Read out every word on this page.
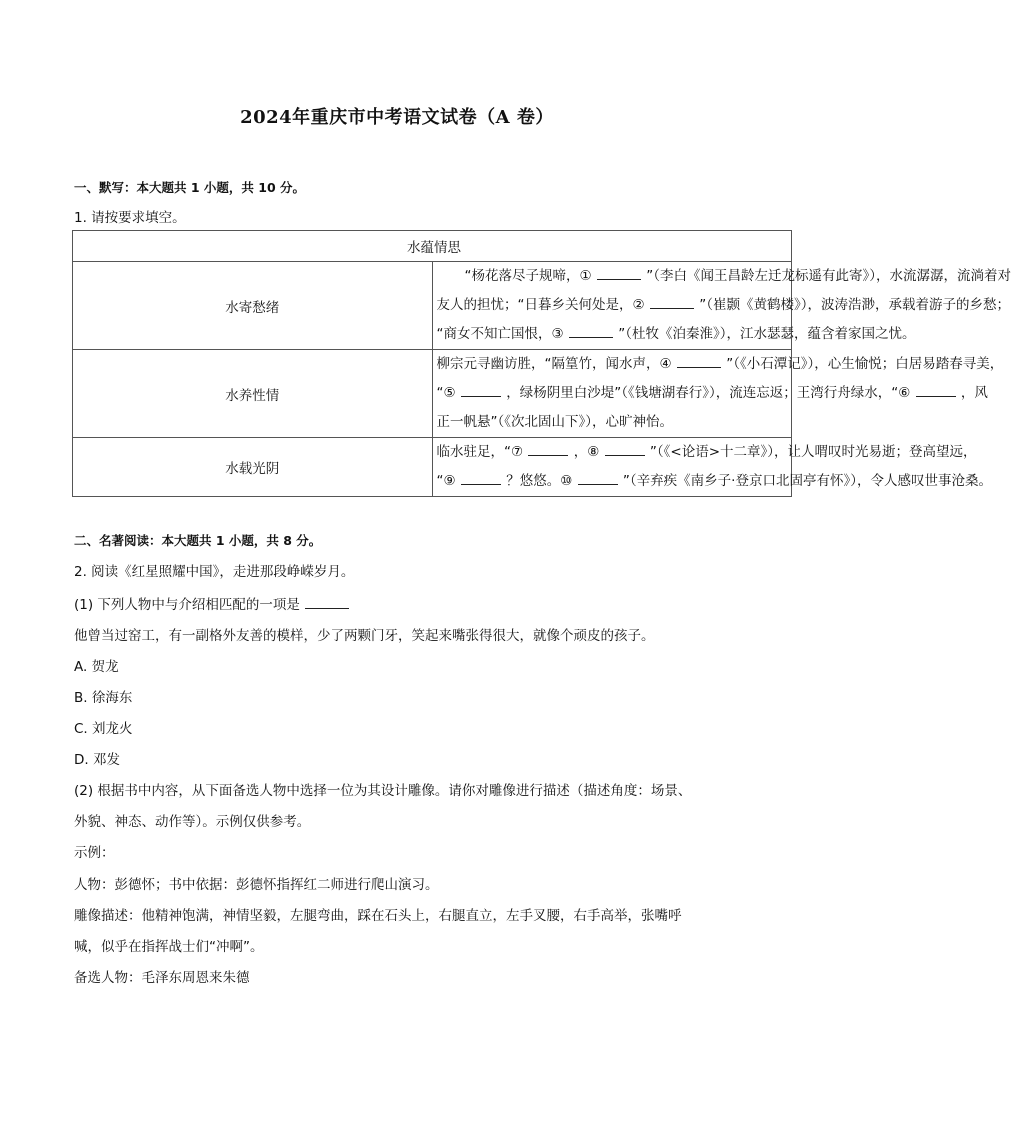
2024年重庆市中考语文试卷（A 卷）
一、默写：本大题共 1 小题，共 10 分。
1. 请按要求填空。
水蕴情思	
水寄愁绪	“杨花落尽子规啼，① ”（李白《闻王昌龄左迁龙标遥有此寄》），水流潺潺，流淌着对
友人的担忧；“日暮乡关何处是，② ”（崔颢《黄鹤楼》），波涛浩渺，承载着游子的乡愁；
“商女不知亡国恨，③ ”（杜牧《泊秦淮》），江水瑟瑟，蕴含着家国之忧。

水养性情	柳宗元寻幽访胜，“隔篁竹，闻水声，④ ”（《小石潭记》），心生愉悦；白居易踏春寻美，
“⑤ ，绿杨阴里白沙堤”（《钱塘湖春行》），流连忘返；王湾行舟绿水，“⑥ ，风
正一帆悬”（《次北固山下》），心旷神怡。

水载光阴	临水驻足，“⑦ ，⑧ ”（《<论语>十二章》），让人喟叹时光易逝；登高望远，
“⑨ ？悠悠。⑩ ”（辛弃疾《南乡子·登京口北固亭有怀》），令人感叹世事沧桑。
二、名著阅读：本大题共 1 小题，共 8 分。
2. 阅读《红星照耀中国》，走进那段峥嵘岁月。
(1) 下列人物中与介绍相匹配的一项是
他曾当过窑工，有一副格外友善的模样，少了两颗门牙，笑起来嘴张得很大，就像个顽皮的孩子。
A. 贺龙
B. 徐海东
C. 刘龙火
D. 邓发
(2) 根据书中内容，从下面备选人物中选择一位为其设计雕像。请你对雕像进行描述（描述角度：场景、
外貌、神态、动作等）。示例仅供参考。
示例：
人物：彭德怀；书中依据：彭德怀指挥红二师进行爬山演习。
雕像描述：他精神饱满，神情坚毅，左腿弯曲，踩在石头上，右腿直立，左手叉腰，右手高举，张嘴呼
喊，似乎在指挥战士们“冲啊”。
备选人物：毛泽东周恩来朱德
